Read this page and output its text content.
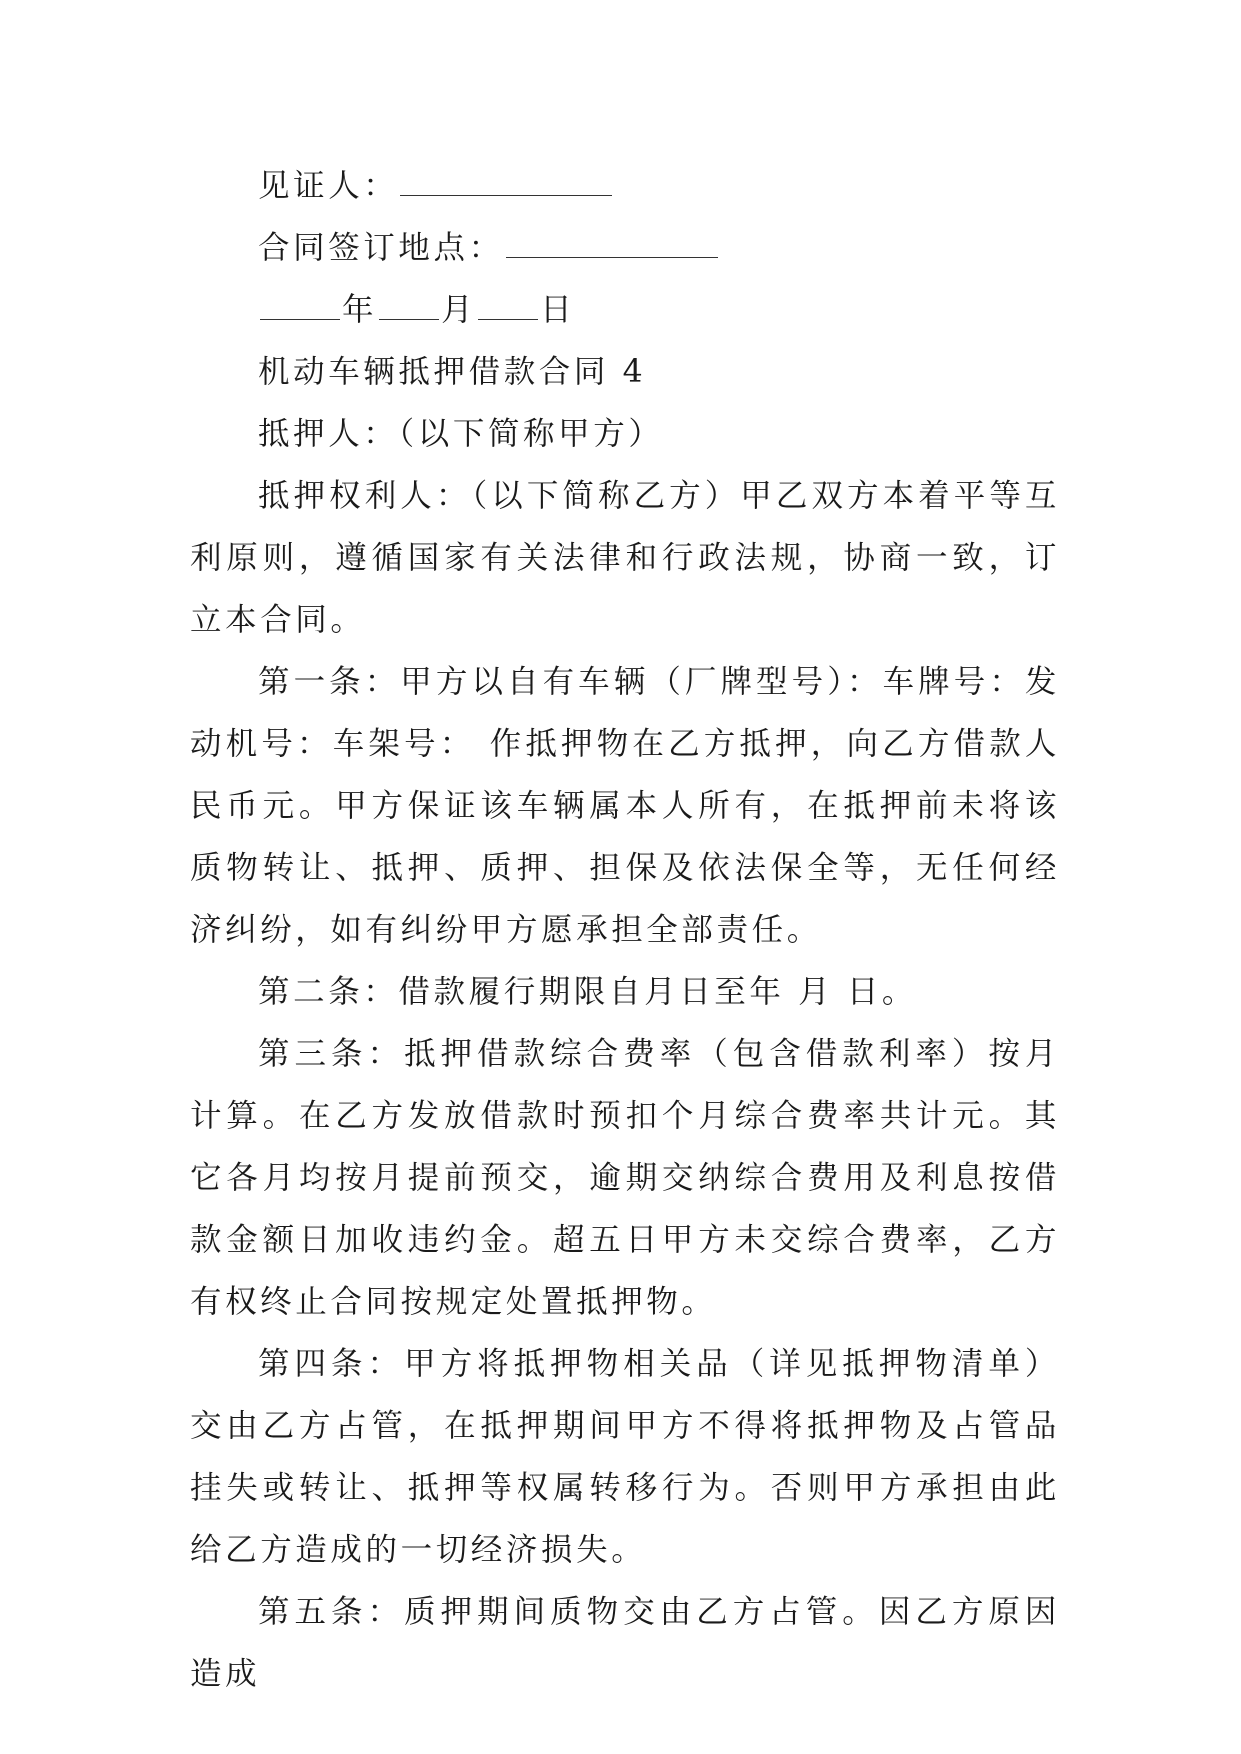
见证人：

合同签订地点：

年 月 日

机动车辆抵押借款合同 4

抵押人：（以下简称甲方）

抵押权利人：（以下简称乙方）甲乙双方本着平等互利原则，遵循国家有关法律和行政法规，协商一致，订立本合同。

第一条：甲方以自有车辆（厂牌型号）：车牌号：发动机号：车架号： 作抵押物在乙方抵押，向乙方借款人民币元。甲方保证该车辆属本人所有，在抵押前未将该质物转让、抵押、质押、担保及依法保全等，无任何经济纠纷，如有纠纷甲方愿承担全部责任。

第二条：借款履行期限自月日至年 月 日。

第三条：抵押借款综合费率（包含借款利率）按月计算。在乙方发放借款时预扣个月综合费率共计元。其它各月均按月提前预交，逾期交纳综合费用及利息按借款金额日加收违约金。超五日甲方未交综合费率，乙方有权终止合同按规定处置抵押物。

第四条：甲方将抵押物相关品（详见抵押物清单）交由乙方占管，在抵押期间甲方不得将抵押物及占管品挂失或转让、抵押等权属转移行为。否则甲方承担由此给乙方造成的一切经济损失。

第五条：质押期间质物交由乙方占管。因乙方原因造成
